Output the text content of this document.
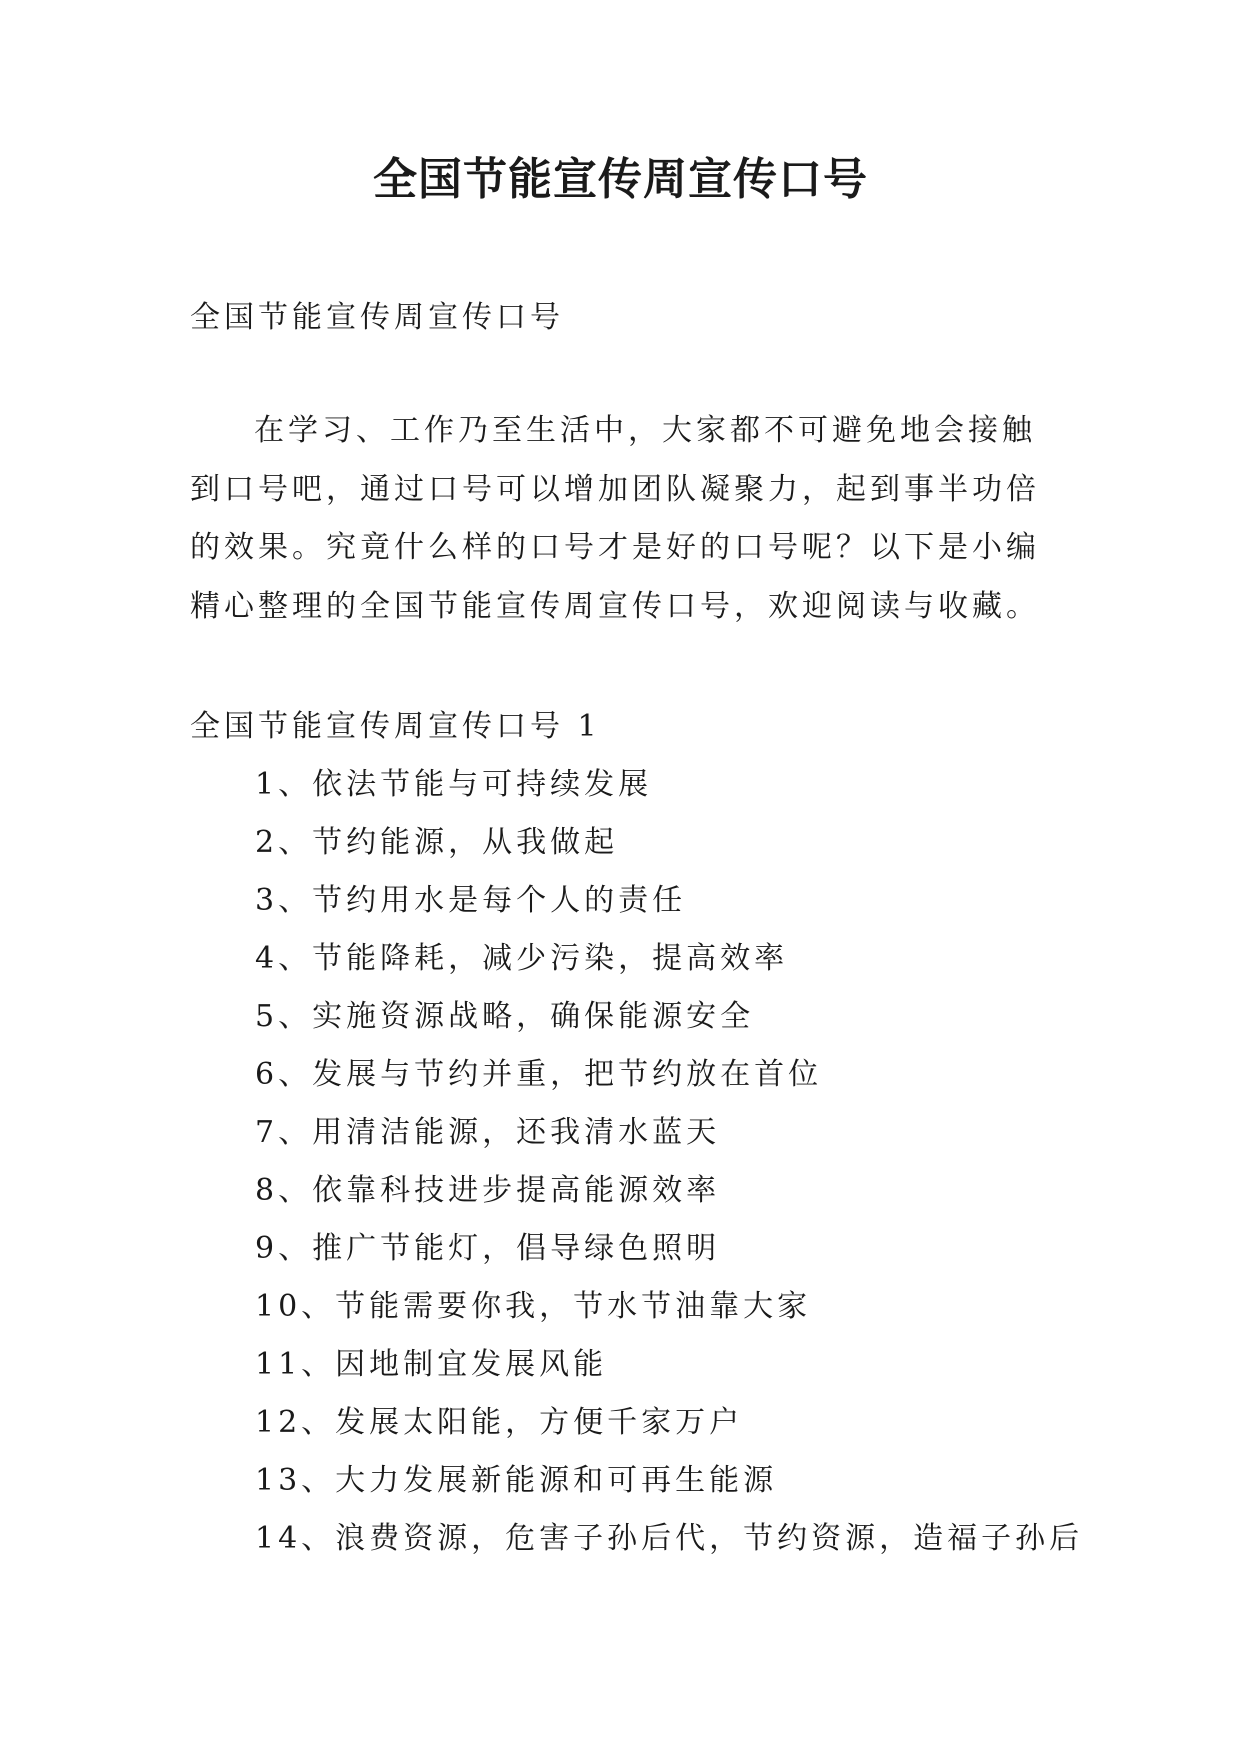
全国节能宣传周宣传口号

全国节能宣传周宣传口号

在学习、工作乃至生活中，大家都不可避免地会接触到口号吧，通过口号可以增加团队凝聚力，起到事半功倍的效果。究竟什么样的口号才是好的口号呢？以下是小编精心整理的全国节能宣传周宣传口号，欢迎阅读与收藏。

全国节能宣传周宣传口号 1

1、依法节能与可持续发展
2、节约能源，从我做起
3、节约用水是每个人的责任
4、节能降耗，减少污染，提高效率
5、实施资源战略，确保能源安全
6、发展与节约并重，把节约放在首位
7、用清洁能源，还我清水蓝天
8、依靠科技进步提高能源效率
9、推广节能灯，倡导绿色照明
10、节能需要你我，节水节油靠大家
11、因地制宜发展风能
12、发展太阳能，方便千家万户
13、大力发展新能源和可再生能源
14、浪费资源，危害子孙后代，节约资源，造福子孙后
